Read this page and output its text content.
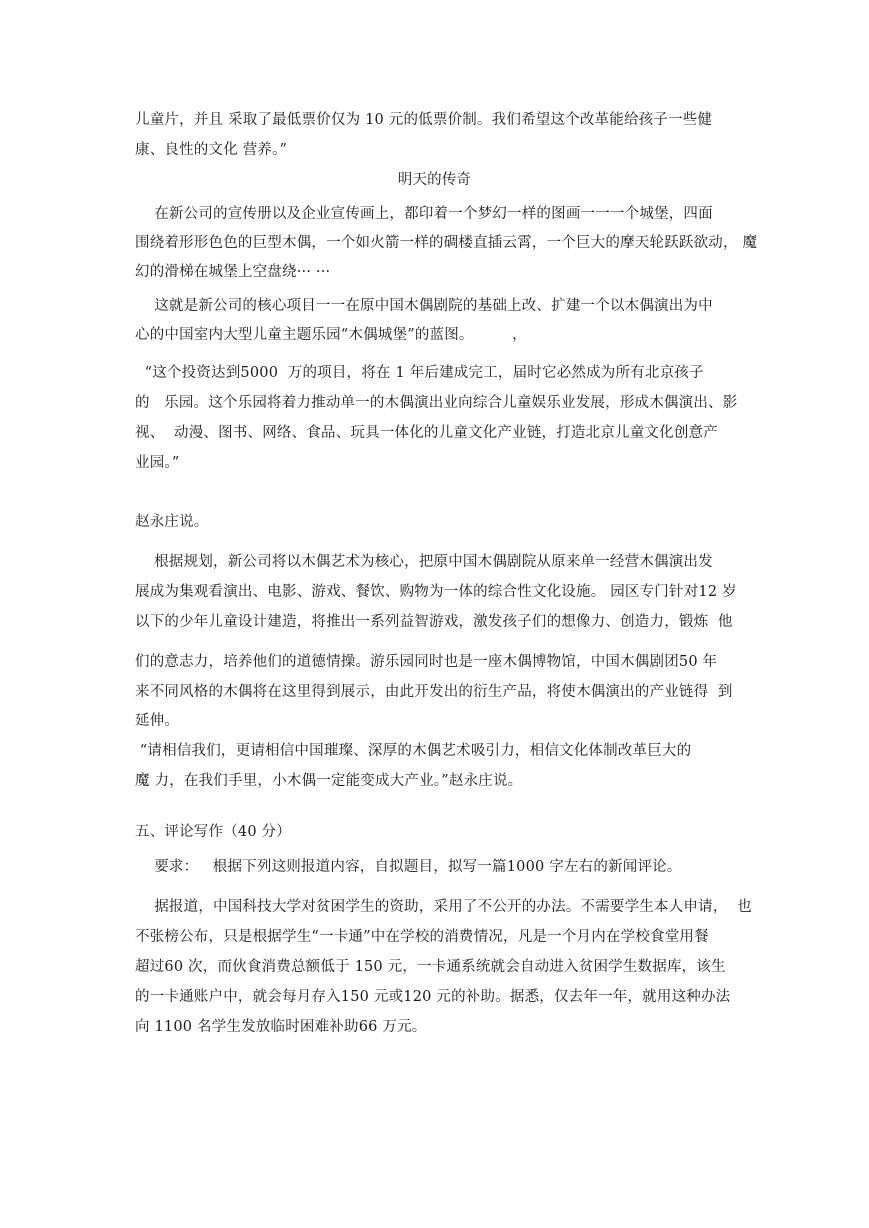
儿童片，并且 采取了最低票价仅为 10 元的低票价制。我们希望这个改革能给孩子一些健
康、良性的文化 营养。”
明天的传奇
在新公司的宣传册以及企业宣传画上，都印着一个梦幻一样的图画一一一个城堡，四面
围绕着形形色色的巨型木偶，一个如火箭一样的碉楼直插云霄，一个巨大的摩天轮跃跃欲动， 魔
幻的滑梯在城堡上空盘绕··· ···
这就是新公司的核心项目一一在原中国木偶剧院的基础上改、扩建一个以木偶演出为中
心的中国室内大型儿童主题乐园“木偶城堡”的蓝图。        ，
“这个投资达到5000  万的项目，将在 1 年后建成完工，届时它必然成为所有北京孩子
的   乐园。这个乐园将着力推动单一的木偶演出业向综合儿童娱乐业发展，形成木偶演出、影
视、  动漫、图书、网络、食品、玩具一体化的儿童文化产业链，打造北京儿童文化创意产
业园。”
赵永庄说。
根据规划，新公司将以木偶艺术为核心，把原中国木偶剧院从原来单一经营木偶演出发
展成为集观看演出、电影、游戏、餐饮、购物为一体的综合性文化设施。 园区专门针对12 岁
以下的少年儿童设计建造，将推出一系列益智游戏，激发孩子们的想像力、创造力，锻炼  他
们的意志力，培养他们的道德情操。游乐园同时也是一座木偶博物馆，中国木偶剧团50 年
来不同风格的木偶将在这里得到展示，由此开发出的衍生产品，将使木偶演出的产业链得  到
延伸。
“请相信我们，更请相信中国璀璨、深厚的木偶艺术吸引力，相信文化体制改革巨大的
魔 力，在我们手里，小木偶一定能变成大产业。”赵永庄说。
五、评论写作（40 分）
要求：   根据下列这则报道内容，自拟题目，拟写一篇1000 字左右的新闻评论。
据报道，中国科技大学对贫困学生的资助，采用了不公开的办法。不需要学生本人申请，  也
不张榜公布，只是根据学生“一卡通”中在学校的消费情况，凡是一个月内在学校食堂用餐
超过60 次，而伙食消费总额低于 150 元，一卡通系统就会自动进入贫困学生数据库，该生
的一卡通账户中，就会每月存入150 元或120 元的补助。据悉，仅去年一年，就用这种办法
向 1100 名学生发放临时困难补助66 万元。
